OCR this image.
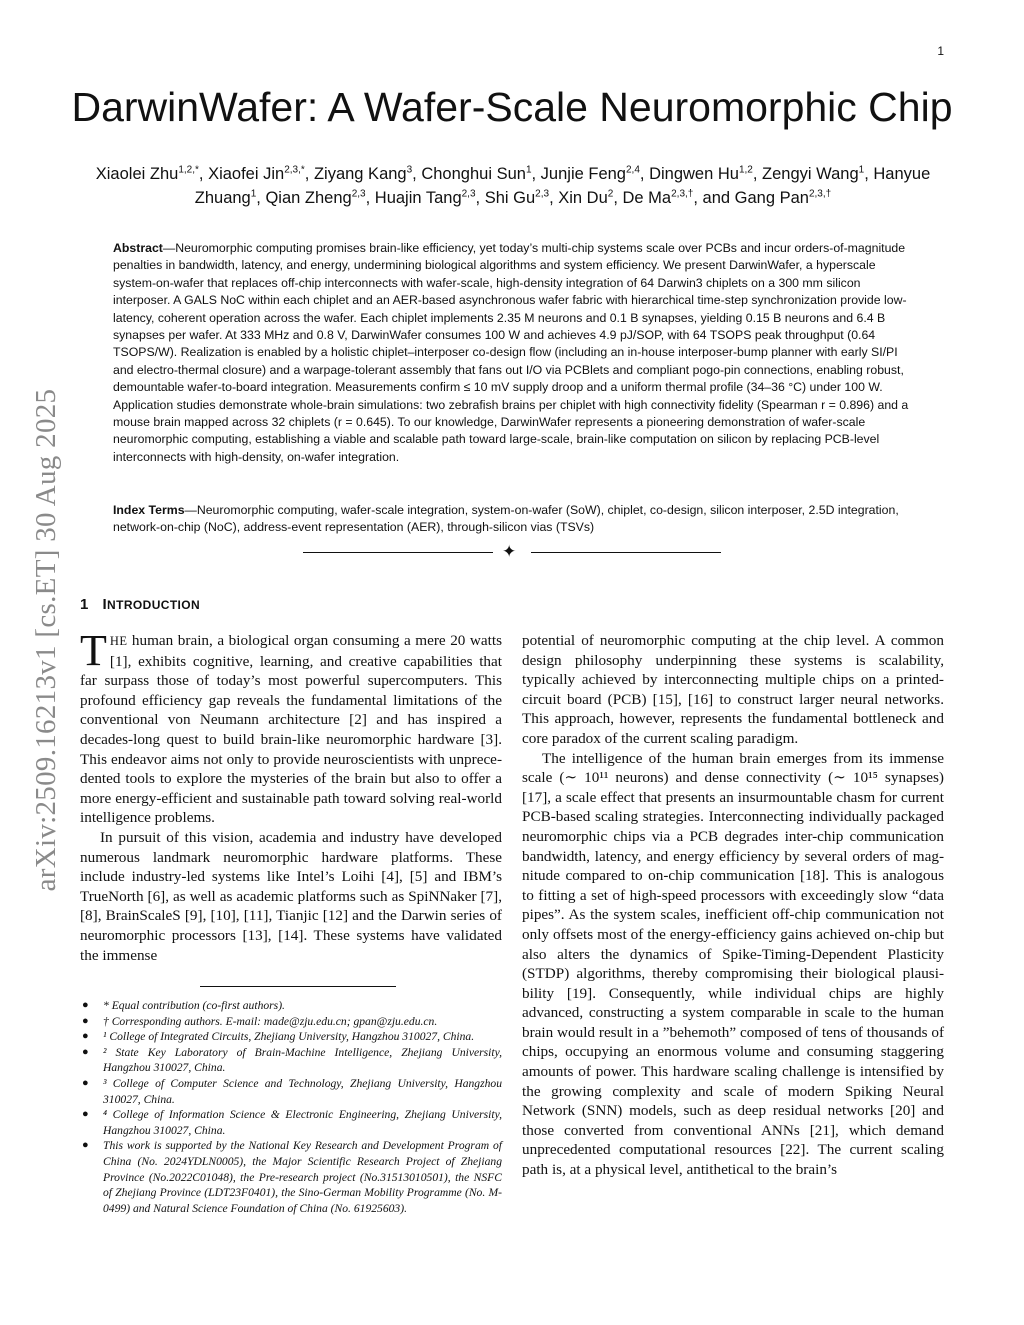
1
arXiv:2509.16213v1 [cs.ET] 30 Aug 2025
DarwinWafer: A Wafer-Scale Neuromorphic Chip
Xiaolei Zhu$^{1,2,*}$, Xiaofei Jin$^{2,3,*}$, Ziyang Kang$^3$, Chonghui Sun$^1$, Junjie Feng$^{2,4}$, Dingwen Hu$^{1,2}$, Zengyi Wang$^1$, Hanyue Zhuang$^1$, Qian Zheng$^{2,3}$, Huajin Tang$^{2,3}$, Shi Gu$^{2,3}$, Xin Du$^2$, De $Ma^{2,3,\dagger}$, and Gang Pan$^{2,3,\dagger}$
Abstract—Neuromorphic computing promises brain-like efficiency, yet today’s multi-chip systems scale over PCBs and incur orders-of-magnitude penalties in bandwidth, latency, and energy, undermining biological algorithms and system efficiency. We present DarwinWafer, a hyperscale system-on-wafer that replaces off-chip interconnects with wafer-scale, high-density integration of 64 Darwin3 chiplets on a 300 mm silicon interposer. A GALS NoC within each chiplet and an AER-based asynchronous wafer fabric with hierarchical time-step synchronization provide low-latency, coherent operation across the wafer. Each chiplet implements 2.35 M neurons and 0.1 B synapses, yielding 0.15 B neurons and 6.4 B synapses per wafer. At 333 MHz and 0.8 V, DarwinWafer consumes 100 W and achieves 4.9 pJ/SOP, with 64 TSOPS peak throughput (0.64 TSOPS/W). Realization is enabled by a holistic chiplet–interposer co-design flow (including an in-house interposer-bump planner with early SI/PI and electro-thermal closure) and a warpage-tolerant assembly that fans out I/O via PCBlets and compliant pogo-pin connections, enabling robust, demountable wafer-to-board integration. Measurements confirm ≤ 10 mV supply droop and a uniform thermal profile (34–36 °C) under 100 W. Application studies demonstrate whole-brain simulations: two zebrafish brains per chiplet with high connectivity fidelity (Spearman r = 0.896) and a mouse brain mapped across 32 chiplets (r = 0.645). To our knowledge, DarwinWafer represents a pioneering demonstration of wafer-scale neuromorphic computing, establishing a viable and scalable path toward large-scale, brain-like computation on silicon by replacing PCB-level interconnects with high-density, on-wafer integration.
Index Terms—Neuromorphic computing, wafer-scale integration, system-on-wafer (SoW), chiplet, co-design, silicon interposer, 2.5D integration, network-on-chip (NoC), address-event representation (AER), through-silicon vias (TSVs)
✦
1 INTRODUCTION

THE human brain, a biological organ consuming a mere 20 watts [1], exhibits cognitive, learning, and creative capabilities that far surpass those of today’s most powerful supercomputers. This profound efficiency gap reveals the fundamental limitations of the conventional von Neumann architecture [2] and has inspired a decades-long quest to build brain-like neuromorphic hardware [3]. This endeavor aims not only to provide neuroscientists with unprecedented tools to explore the mysteries of the brain but also to offer a more energy-efficient and sustainable path toward solving real-world intelligence problems.

In pursuit of this vision, academia and industry have developed numerous landmark neuromorphic hardware platforms. These include industry-led systems like Intel’s Loihi [4], [5] and IBM’s TrueNorth [6], as well as academic platforms such as SpiNNaker [7], [8], BrainScaleS [9], [10], [11], Tianjic [12] and the Darwin series of neuromorphic processors [13], [14]. These systems have validated the immense

potential of neuromorphic computing at the chip level. A common design philosophy underpinning these systems is scalability, typically achieved by interconnecting multiple chips on a printed-circuit board (PCB) [15], [16] to construct larger neural networks. This approach, however, represents the fundamental bottleneck and core paradox of the current scaling paradigm.

The intelligence of the human brain emerges from its immense scale (∼ 10¹¹ neurons) and dense connectivity (∼ 10¹⁵ synapses) [17], a scale effect that presents an insurmountable chasm for current PCB-based scaling strategies. Interconnecting individually packaged neuromorphic chips via a PCB degrades inter-chip communication bandwidth, latency, and energy efficiency by several orders of magnitude compared to on-chip communication [18]. This is analogous to fitting a set of high-speed processors with exceedingly slow “data pipes”. As the system scales, inefficient off-chip communication not only offsets most of the energy-efficiency gains achieved on-chip but also alters the dynamics of Spike-Timing-Dependent Plasticity (STDP) algorithms, thereby compromising their biological plausibility [19]. Consequently, while individual chips are highly advanced, constructing a system comparable in scale to the human brain would result in a ”behemoth” composed of tens of thousands of chips, occupying an enormous volume and consuming staggering amounts of power. This hardware scaling challenge is intensified by the growing complexity and scale of modern Spiking Neural Network (SNN) models, such as deep residual networks [20] and those converted from conventional ANNs [21], which demand unprecedented computational resources [22]. The current scaling path is, at a physical level, antithetical to the brain’s

● * Equal contribution (co-first authors).
● † Corresponding authors. E-mail: made@zju.edu.cn; gpan@zju.edu.cn.
● ¹ College of Integrated Circuits, Zhejiang University, Hangzhou 310027, China.
● ² State Key Laboratory of Brain-Machine Intelligence, Zhejiang University, Hangzhou 310027, China.
● ³ College of Computer Science and Technology, Zhejiang University, Hangzhou 310027, China.
● ⁴ College of Information Science & Electronic Engineering, Zhejiang University, Hangzhou 310027, China.
● This work is supported by the National Key Research and Development Program of China (No. 2024YDLN0005), the Major Scientific Research Project of Zhejiang Province (No.2022C01048), the Pre-research project (No.31513010501), the NSFC of Zhejiang Province (LDT23F0401), the Sino-German Mobility Programme (No. M-0499) and Natural Science Foundation of China (No. 61925603).
